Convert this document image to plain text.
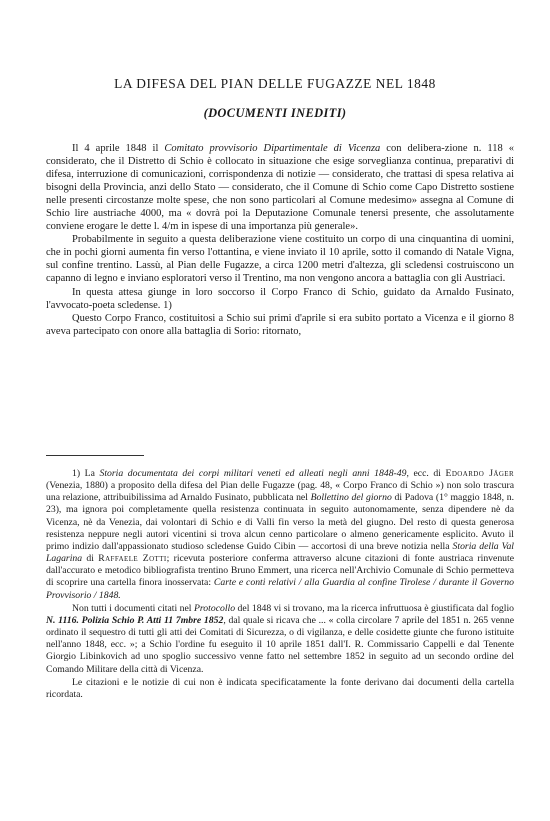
LA DIFESA DEL PIAN DELLE FUGAZZE NEL 1848
(DOCUMENTI INEDITI)

Il 4 aprile 1848 il Comitato provvisorio Dipartimentale di Vicenza con delibera-zione n. 118 « considerato, che il Distretto di Schio è collocato in situazione che esige sorveglianza continua, preparativi di difesa, interruzione di comunicazioni, corrispondenza di notizie — considerato, che trattasi di spesa relativa ai bisogni della Provincia, anzi dello Stato — considerato, che il Comune di Schio come Capo Distretto sostiene nelle presenti circostanze molte spese, che non sono particolari al Comune medesimo» assegna al Comune di Schio lire austriache 4000, ma « dovrà poi la Deputazione Comunale tenersi presente, che assolutamente conviene erogare le dette l. 4/m in ispese di una importanza più generale».

Probabilmente in seguito a questa deliberazione viene costituito un corpo di una cinquantina di uomini, che in pochi giorni aumenta fin verso l'ottantina, e viene inviato il 10 aprile, sotto il comando di Natale Vigna, sul confine trentino. Lassù, al Pian delle Fugazze, a circa 1200 metri d'altezza, gli scledensi costruiscono un capanno di legno e inviano esploratori verso il Trentino, ma non vengono ancora a battaglia con gli Austriaci.

In questa attesa giunge in loro soccorso il Corpo Franco di Schio, guidato da Arnaldo Fusinato, l'avvocato-poeta scledense. 1)

Questo Corpo Franco, costituitosi a Schio sui primi d'aprile si era subito portato a Vicenza e il giorno 8 aveva partecipato con onore alla battaglia di Sorio: ritornato,

1) La Storia documentata dei corpi militari veneti ed alleati negli anni 1848-49, ecc. di Edoardo Jäger (Venezia, 1880) a proposito della difesa del Pian delle Fugazze (pag. 48, « Corpo Franco di Schio ») non solo trascura una relazione, attribuibilissima ad Arnaldo Fusinato, pubblicata nel Bollettino del giorno di Padova (1° maggio 1848, n. 23), ma ignora poi completamente quella resistenza continuata in seguito autonomamente, senza dipendere nè da Vicenza, nè da Venezia, dai volontari di Schio e di Valli fin verso la metà del giugno. Del resto di questa generosa resistenza neppure negli autori vicentini si trova alcun cenno particolare o almeno genericamente esplicito. Avuto il primo indizio dall'appassionato studioso scledense Guido Cibin — accortosi di una breve notizia nella Storia della Val Lagarina di Raffaele Zotti; ricevuta posteriore conferma attraverso alcune citazioni di fonte austriaca rinvenute dall'accurato e metodico bibliografista trentino Bruno Emmert, una ricerca nell'Archivio Comunale di Schio permetteva di scoprire una cartella finora inosservata: Carte e conti relativi / alla Guardia al confine Tirolese / durante il Governo Provvisorio / 1848.

Non tutti i documenti citati nel Protocollo del 1848 vi si trovano, ma la ricerca infruttuosa è giustificata dal foglio N. 1116. Polizia Schio P. Atti 11 7mbre 1852, dal quale si ricava che ... « colla circolare 7 aprile del 1851 n. 265 venne ordinato il sequestro di tutti gli atti dei Comitati di Sicurezza, o di vigilanza, e delle cosidette giunte che furono istituite nell'anno 1848, ecc. »; a Schio l'ordine fu eseguito il 10 aprile 1851 dall'I. R. Commissario Cappelli e dal Tenente Giorgio Libinkovich ad uno spoglio successivo venne fatto nel settembre 1852 in seguito ad un secondo ordine del Comando Militare della città di Vicenza.

Le citazioni e le notizie di cui non è indicata specificatamente la fonte derivano dai documenti della cartella ricordata.
